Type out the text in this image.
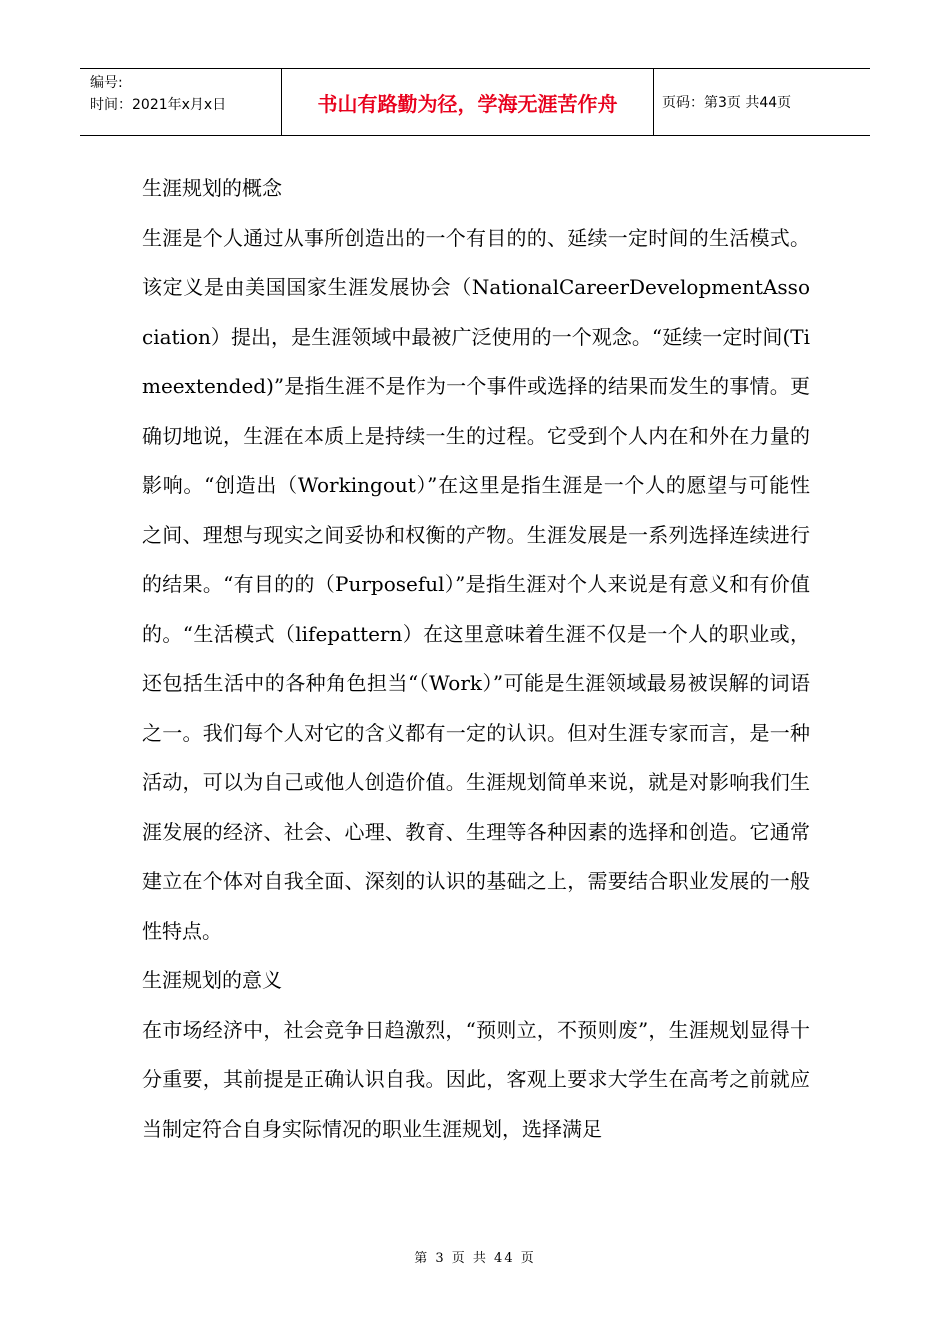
编号:
时间：2021年x月x日	书山有路勤为径，学海无涯苦作舟	页码：第3页 共44页

生涯规划的概念

生涯是个人通过从事所创造出的一个有目的的、延续一定时间的生活模式。该定义是由美国国家生涯发展协会（NationalCareerDevelopmentAssociation）提出，是生涯领域中最被广泛使用的一个观念。“延续一定时间(Timeextended)”是指生涯不是作为一个事件或选择的结果而发生的事情。更确切地说，生涯在本质上是持续一生的过程。它受到个人内在和外在力量的影响。“创造出（Workingout）”在这里是指生涯是一个人的愿望与可能性之间、理想与现实之间妥协和权衡的产物。生涯发展是一系列选择连续进行的结果。“有目的的（Purposeful）”是指生涯对个人来说是有意义和有价值的。“生活模式（lifepattern）在这里意味着生涯不仅是一个人的职业或，还包括生活中的各种角色担当“（Work）”可能是生涯领域最易被误解的词语之一。我们每个人对它的含义都有一定的认识。但对生涯专家而言，是一种活动，可以为自己或他人创造价值。生涯规划简单来说，就是对影响我们生涯发展的经济、社会、心理、教育、生理等各种因素的选择和创造。它通常建立在个体对自我全面、深刻的认识的基础之上，需要结合职业发展的一般性特点。

生涯规划的意义

在市场经济中，社会竞争日趋激烈，“预则立，不预则废”，生涯规划显得十分重要，其前提是正确认识自我。因此，客观上要求大学生在高考之前就应当制定符合自身实际情况的职业生涯规划，选择满足

第 3 页 共 44 页
